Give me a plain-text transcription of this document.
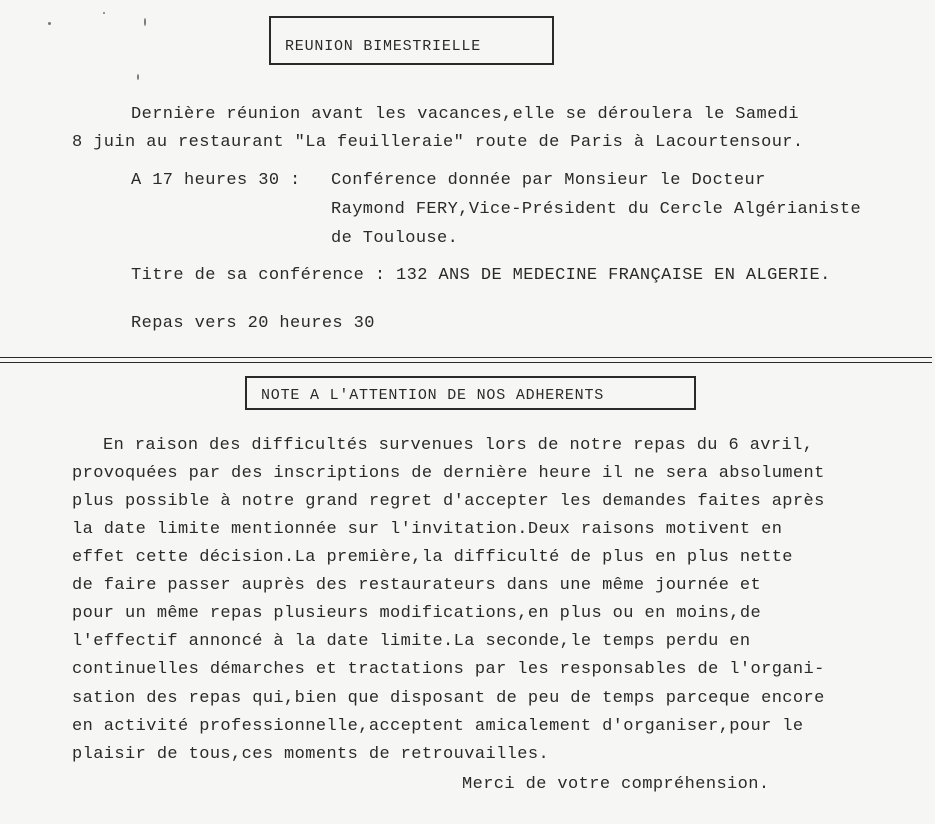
REUNION BIMESTRIELLE
Dernière réunion avant les vacances,elle se déroulera le Samedi
8 juin au restaurant "La feuilleraie" route de Paris à Lacourtensour.
A 17 heures 30 : Conférence donnée par Monsieur le Docteur
Raymond FERY,Vice-Président du Cercle Algérianiste
de Toulouse.
Titre de sa conférence : 132 ANS DE MEDECINE FRANÇAISE EN ALGERIE.
Repas vers 20 heures 30
NOTE A L'ATTENTION DE NOS ADHERENTS
En raison des difficultés survenues lors de notre repas du 6 avril,
provoquées par des inscriptions de dernière heure il ne sera absolument
plus possible à notre grand regret d'accepter les demandes faites après
la date limite mentionnée sur l'invitation.Deux raisons motivent en
effet cette décision.La première,la difficulté de plus en plus nette
de faire passer auprès des restaurateurs dans une même journée et
pour un même repas plusieurs modifications,en plus ou en moins,de
l'effectif annoncé à la date limite.La seconde,le temps perdu en
continuelles démarches et tractations par les responsables de l'organi-
sation des repas qui,bien que disposant de peu de temps parceque encore
en activité professionnelle,acceptent amicalement d'organiser,pour le
plaisir de tous,ces moments de retrouvailles.
Merci de votre compréhension.
